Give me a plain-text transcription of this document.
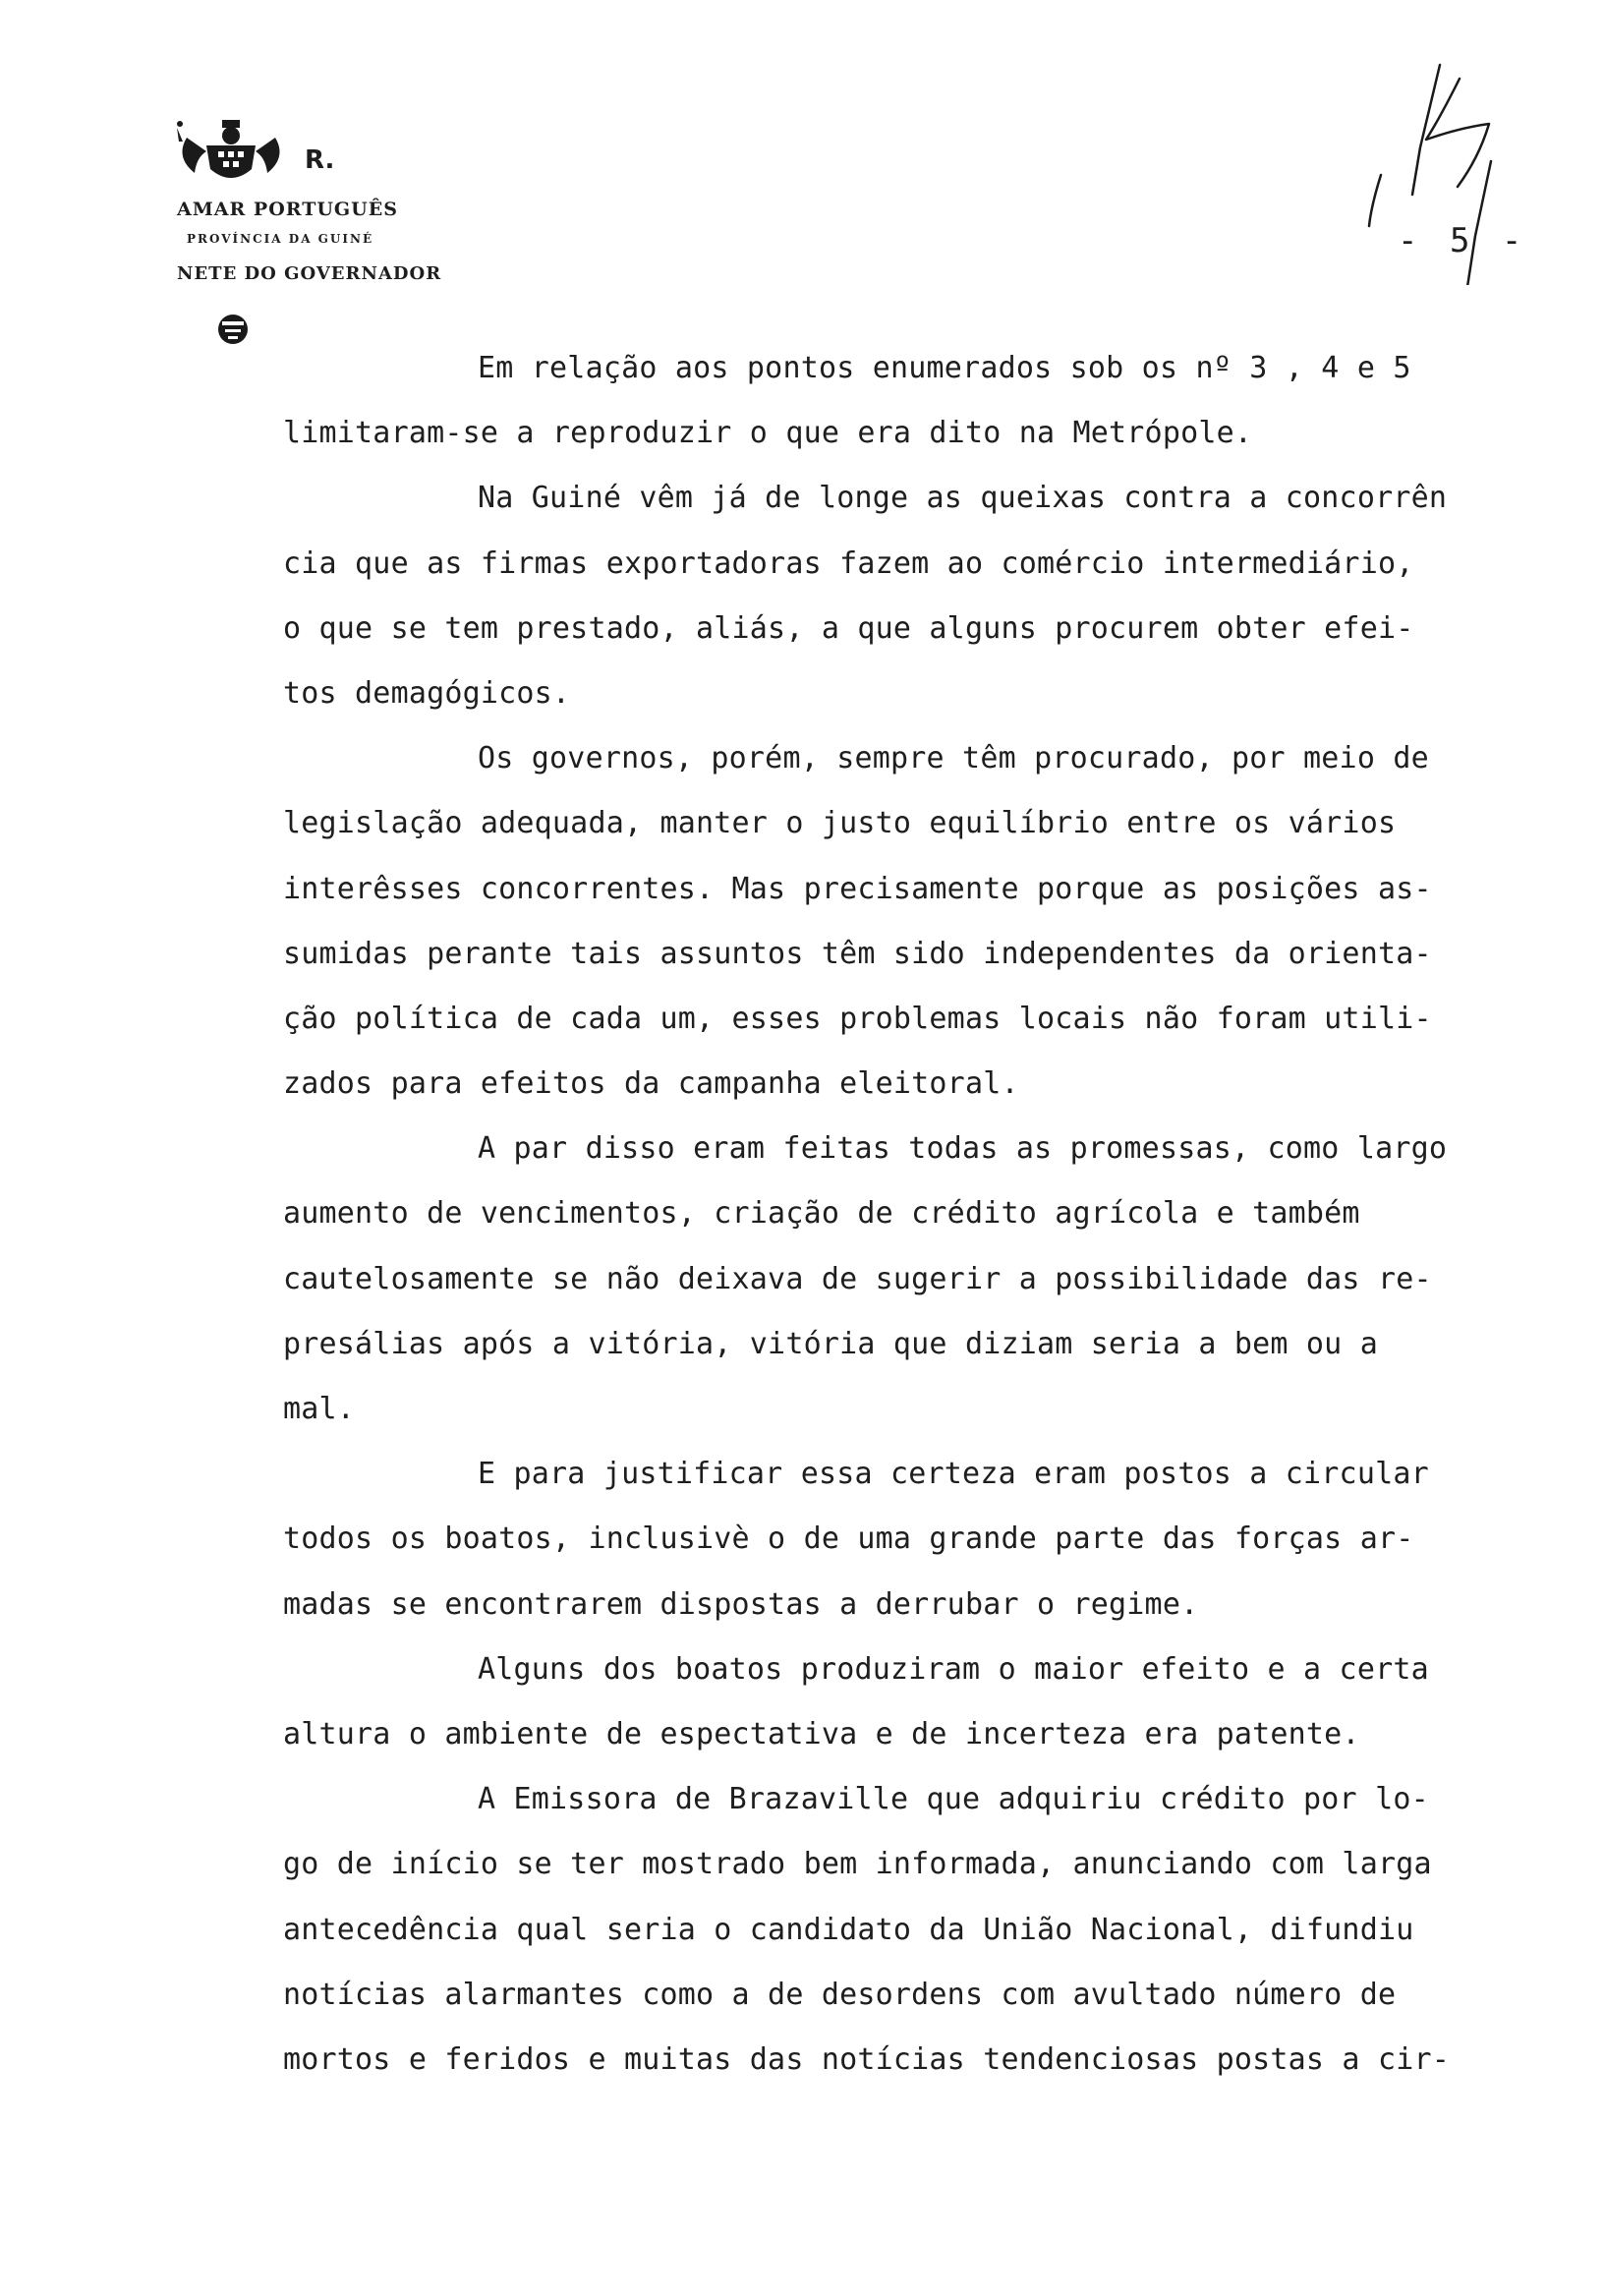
R.
AMAR PORTUGUÊS
PROVÍNCIA DA GUINÉ
NETE DO GOVERNADOR
- 5 -
Em relação aos pontos enumerados sob os nº 3 , 4 e 5
limitaram-se a reproduzir o que era dito na Metrópole.
Na Guiné vêm já de longe as queixas contra a concorrên
cia que as firmas exportadoras fazem ao comércio intermediário,
o que se tem prestado, aliás, a que alguns procurem obter efei-
tos demagógicos.
Os governos, porém, sempre têm procurado, por meio de
legislação adequada, manter o justo equilíbrio entre os vários
interêsses concorrentes. Mas precisamente porque as posições as-
sumidas perante tais assuntos têm sido independentes da orienta-
ção política de cada um, esses problemas locais não foram utili-
zados para efeitos da campanha eleitoral.
A par disso eram feitas todas as promessas, como largo
aumento de vencimentos, criação de crédito agrícola e também
cautelosamente se não deixava de sugerir a possibilidade das re-
presálias após a vitória, vitória que diziam seria a bem ou a
mal.
E para justificar essa certeza eram postos a circular
todos os boatos, inclusivè o de uma grande parte das forças ar-
madas se encontrarem dispostas a derrubar o regime.
Alguns dos boatos produziram o maior efeito e a certa
altura o ambiente de espectativa e de incerteza era patente.
A Emissora de Brazaville que adquiriu crédito por lo-
go de início se ter mostrado bem informada, anunciando com larga
antecedência qual seria o candidato da União Nacional, difundiu
notícias alarmantes como a de desordens com avultado número de
mortos e feridos e muitas das notícias tendenciosas postas a cir-
